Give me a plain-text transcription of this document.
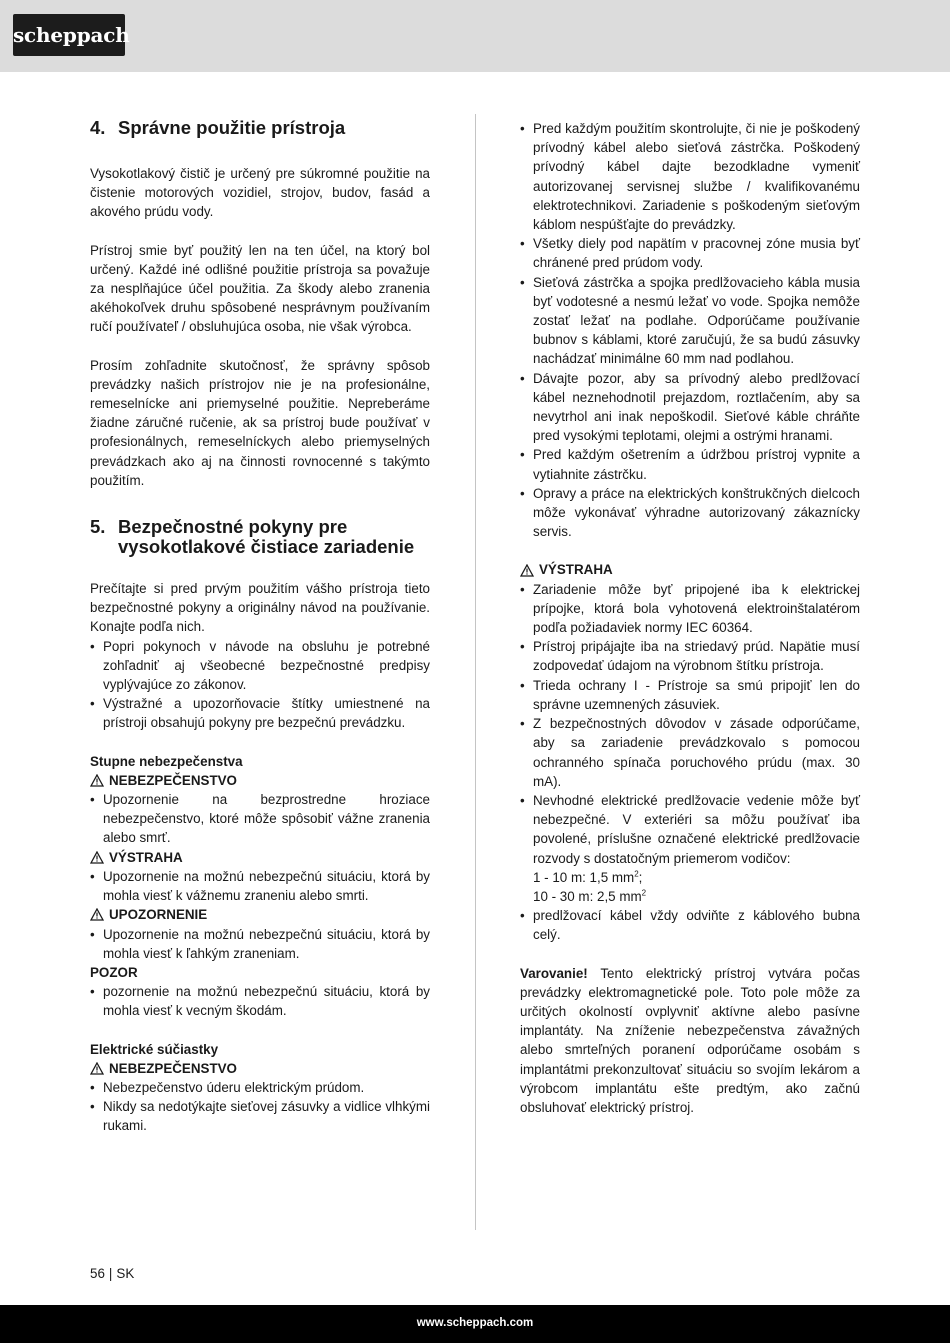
scheppach
4. Správne použitie prístroja

Vysokotlakový čistič je určený pre súkromné použitie na čistenie motorových vozidiel, strojov, budov, fasád a akového prúdu vody.

Prístroj smie byť použitý len na ten účel, na ktorý bol určený. Každé iné odlišné použitie prístroja sa považuje za nesplňajúce účel použitia. Za škody alebo zranenia akéhokoľvek druhu spôsobené nesprávnym používaním ručí používateľ / obsluhujúca osoba, nie však výrobca.

Prosím zohľadnite skutočnosť, že správny spôsob prevádzky našich prístrojov nie je na profesionálne, remeselnícke ani priemyselné použitie. Nepreberáme žiadne záručné ručenie, ak sa prístroj bude používať v profesionálnych, remeselníckych alebo priemyselných prevádzkach ako aj na činnosti rovnocenné s takýmto použitím.

5. Bezpečnostné pokyny pre vysokotlakové čistiace zariadenie

Prečítajte si pred prvým použitím vášho prístroja tieto bezpečnostné pokyny a originálny návod na používanie. Konajte podľa nich.

• Popri pokynoch v návode na obsluhu je potrebné zohľadniť aj všeobecné bezpečnostné predpisy vyplývajúce zo zákonov.
• Výstražné a upozorňovacie štítky umiestnené na prístroji obsahujú pokyny pre bezpečnú prevádzku.

Stupne nebezpečenstva

NEBEZPEČENSTVO
• Upozornenie na bezprostredne hroziace nebezpečenstvo, ktoré môže spôsobiť vážne zranenia alebo smrť.
VÝSTRAHA
• Upozornenie na možnú nebezpečnú situáciu, ktorá by mohla viesť k vážnemu zraneniu alebo smrti.
UPOZORNENIE
• Upozornenie na možnú nebezpečnú situáciu, ktorá by mohla viesť k ľahkým zraneniam.

POZOR

• pozornenie na možnú nebezpečnú situáciu, ktorá by mohla viesť k vecným škodám.

Elektrické súčiastky

NEBEZPEČENSTVO
• Nebezpečenstvo úderu elektrickým prúdom.
• Nikdy sa nedotýkajte sieťovej zásuvky a vidlice vlhkými rukami.
• Pred každým použitím skontrolujte, či nie je poškodený prívodný kábel alebo sieťová zástrčka. Poškodený prívodný kábel dajte bezodkladne vymeniť autorizovanej servisnej službe / kvalifikovanému elektrotechnikovi. Zariadenie s poškodeným sieťovým káblom nespúšťajte do prevádzky.
• Všetky diely pod napätím v pracovnej zóne musia byť chránené pred prúdom vody.
• Sieťová zástrčka a spojka predlžovacieho kábla musia byť vodotesné a nesmú ležať vo vode. Spojka nemôže zostať ležať na podlahe. Odporúčame používanie bubnov s káblami, ktoré zaručujú, že sa budú zásuvky nachádzať minimálne 60 mm nad podlahou.
• Dávajte pozor, aby sa prívodný alebo predlžovací kábel neznehodnotil prejazdom, roztlačením, aby sa nevytrhol ani inak nepoškodil. Sieťové káble chráňte pred vysokými teplotami, olejmi a ostrými hranami.
• Pred každým ošetrením a údržbou prístroj vypnite a vytiahnite zástrčku.
• Opravy a práce na elektrických konštrukčných dielcoch môže vykonávať výhradne autorizovaný zákaznícky servis.
VÝSTRAHA
• Zariadenie môže byť pripojené iba k elektrickej prípojke, ktorá bola vyhotovená elektroinštalatérom podľa požiadaviek normy IEC 60364.
• Prístroj pripájajte iba na striedavý prúd. Napätie musí zodpovedať údajom na výrobnom štítku prístroja.
• Trieda ochrany I - Prístroje sa smú pripojiť len do správne uzemnených zásuviek.
• Z bezpečnostných dôvodov v zásade odporúčame, aby sa zariadenie prevádzkovalo s pomocou ochranného spínača poruchového prúdu (max. 30 mA).
• Nevhodné elektrické predlžovacie vedenie môže byť nebezpečné. V exteriéri sa môžu používať iba povolené, príslušne označené elektrické predlžovacie rozvody s dostatočným priemerom vodičov:
1 - 10 m: 1,5 $mm^2$;
10 - 30 m: 2,5 $mm^2$
• predlžovací kábel vždy odviňte z káblového bubna celý.

Varovanie! Tento elektrický prístroj vytvára počas prevádzky elektromagnetické pole. Toto pole môže za určitých okolností ovplyvniť aktívne alebo pasívne implantáty. Na zníženie nebezpečenstva závažných alebo smrteľných poranení odporúčame osobám s implantátmi prekonzultovať situáciu so svojím lekárom a výrobcom implantátu ešte predtým, ako začnú obsluhovať elektrický prístroj.

56 | SK
www.scheppach.com
